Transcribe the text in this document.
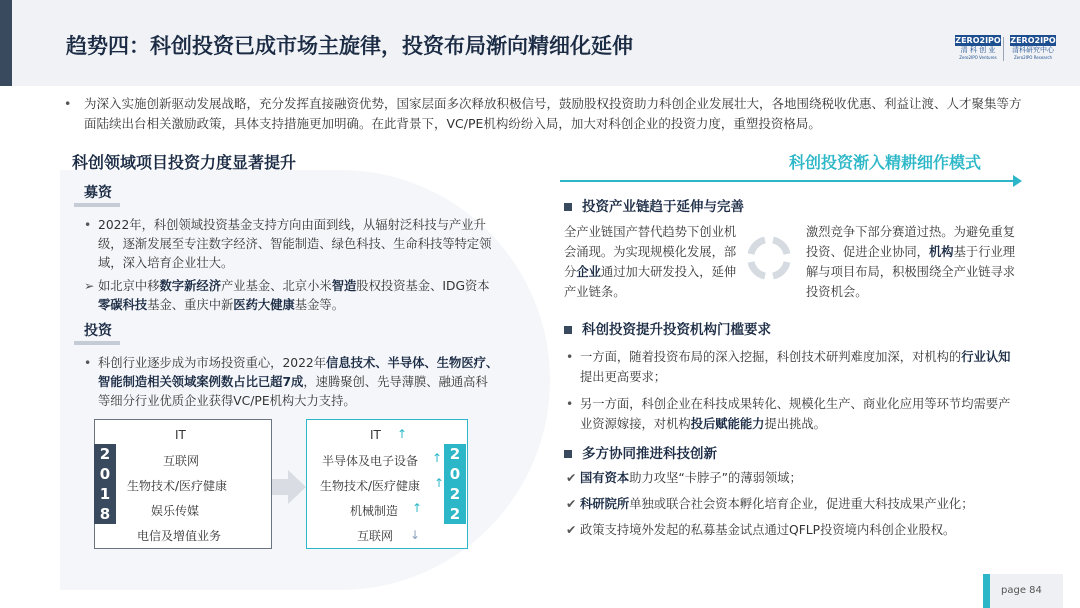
趋势四：科创投资已成市场主旋律，投资布局渐向精细化延伸	ZERO2IPO
清 科 创 业
Zero2IPO Ventures
ZERO2IPO
清科研究中心
Zero2IPO Research
• 为深入实施创新驱动发展战略，充分发挥直接融资优势，国家层面多次释放积极信号，鼓励股权投资助力科创企业发展壮大，各地围绕税收优惠、利益让渡、人才聚集等方面陆续出台相关激励政策，具体支持措施更加明确。在此背景下，VC/PE机构纷纷入局，加大对科创企业的投资力度，重塑投资格局。

科创领域项目投资力度显著提升	科创投资渐入精耕细作模式
募资
• 2022年，科创领域投资基金支持方向由面到线，从辐射泛科技与产业升级，逐渐发展至专注数字经济、智能制造、绿色科技、生命科技等特定领域，深入培育企业壮大。
➢ 如北京中移数字新经济产业基金、北京小米智造股权投资基金、IDG资本零碳科技基金、重庆中新医药大健康基金等。
投资
• 科创行业逐步成为市场投资重心，2022年信息技术、半导体、生物医疗、智能制造相关领域案例数占比已超7成，速腾聚创、先导薄膜、融通高科等细分行业优质企业获得VC/PE机构大力支持。
2
0
1
8
IT
互联网
生物技术/医疗健康
娱乐传媒
电信及增值业务
2
0
2
2
IT ↑
半导体及电子设备 ↑
生物技术/医疗健康 ↑
机械制造 ↑
互联网 ↓
投资产业链趋于延伸与完善
全产业链国产替代趋势下创业机会涌现。为实现规模化发展，部分企业通过加大研发投入，延伸产业链条。
激烈竞争下部分赛道过热。为避免重复投资、促进企业协同，机构基于行业理解与项目布局，积极围绕全产业链寻求投资机会。
科创投资提升投资机构门槛要求
• 一方面，随着投资布局的深入挖掘，科创技术研判难度加深，对机构的行业认知提出更高要求；
• 另一方面，科创企业在科技成果转化、规模化生产、商业化应用等环节均需要产业资源嫁接，对机构投后赋能能力提出挑战。
多方协同推进科技创新
✔ 国有资本助力攻坚“卡脖子”的薄弱领域；
✔ 科研院所单独或联合社会资本孵化培育企业，促进重大科技成果产业化；
✔ 政策支持境外发起的私募基金试点通过QFLP投资境内科创企业股权。
page 84
